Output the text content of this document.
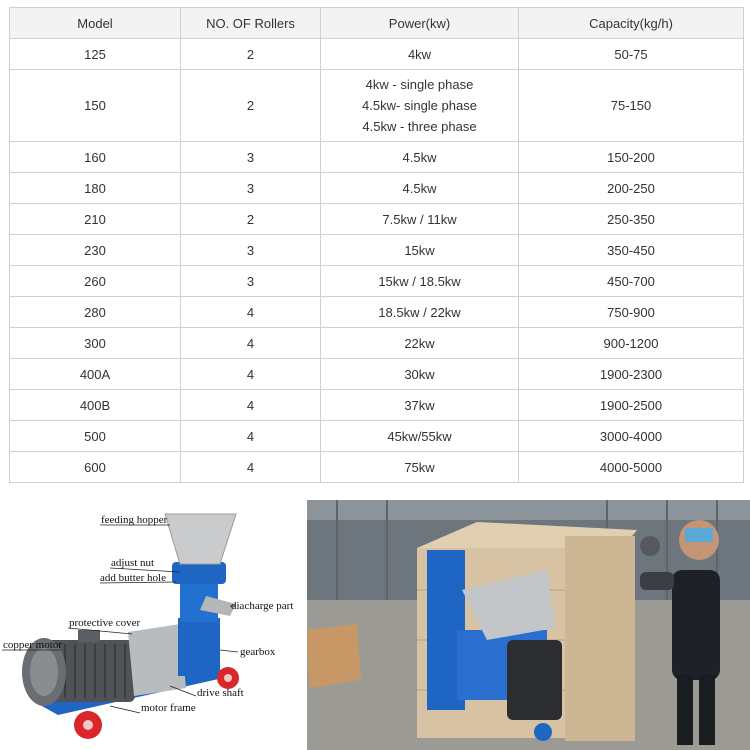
Model	NO. OF Rollers	Power(kw)	Capacity(kg/h)
125	2	4kw	50-75
150	2	4kw - single phase
4.5kw- single phase
4.5kw - three phase	75-150
160	3	4.5kw	150-200
180	3	4.5kw	200-250
210	2	7.5kw / 11kw	250-350
230	3	15kw	350-450
260	3	15kw / 18.5kw	450-700
280	4	18.5kw / 22kw	750-900
300	4	22kw	900-1200
400A	4	30kw	1900-2300
400B	4	37kw	1900-2500
500	4	45kw/55kw	3000-4000
600	4	75kw	4000-5000
feeding hopper
adjust nut
add butter hole
diacharge part
protective cover
copper motor
gearbox
drive shaft
motor frame
